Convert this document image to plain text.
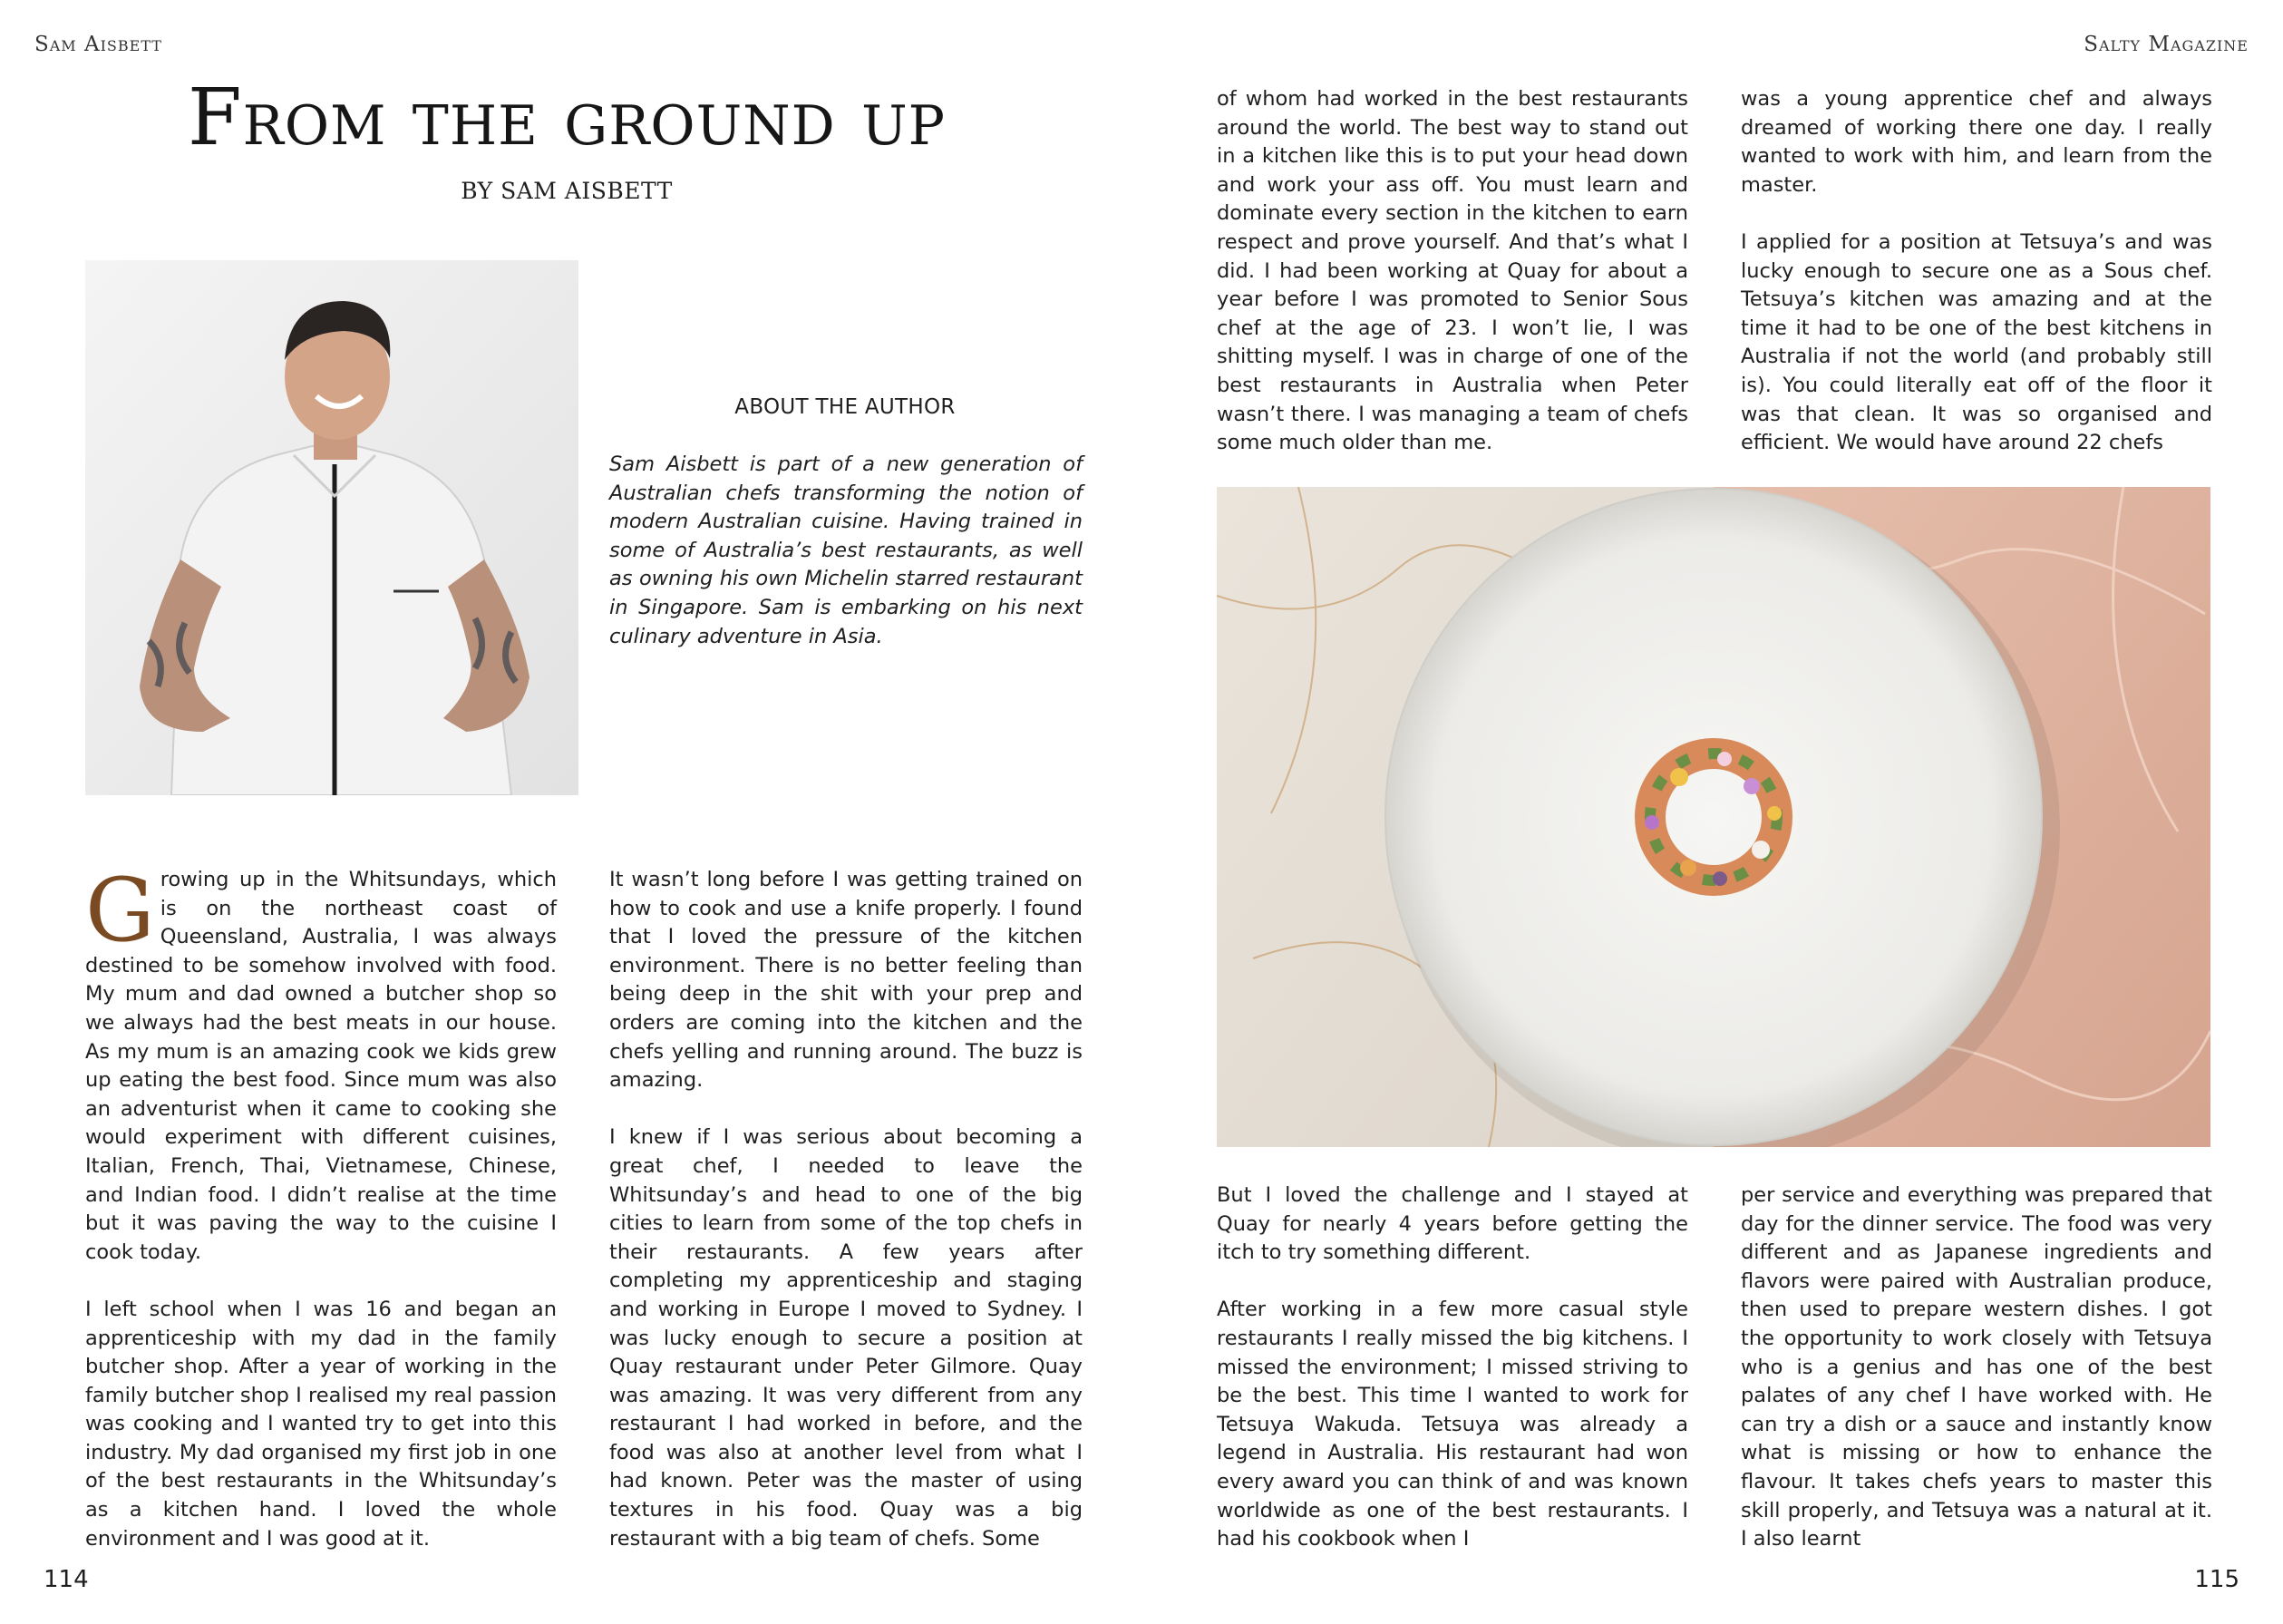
Sam Aisbett	Salty Magazine
From the ground up
BY SAM AISBETT
ABOUT THE AUTHOR
Sam Aisbett is part of a new generation of Australian chefs transforming the notion of modern Australian cuisine. Having trained in some of Australia’s best restaurants, as well as owning his own Michelin starred restaurant in Singapore. Sam is embarking on his next culinary adventure in Asia.

Growing up in the Whitsundays, which is on the northeast coast of Queensland, Australia, I was always destined to be somehow involved with food. My mum and dad owned a butcher shop so we always had the best meats in our house. As my mum is an amazing cook we kids grew up eating the best food. Since mum was also an adventurist when it came to cooking she would experiment with different cuisines, Italian, French, Thai, Vietnamese, Chinese, and Indian food. I didn’t realise at the time but it was paving the way to the cuisine I cook today.

I left school when I was 16 and began an apprenticeship with my dad in the family butcher shop. After a year of working in the family butcher shop I realised my real passion was cooking and I wanted try to get into this industry. My dad organised my first job in one of the best restaurants in the Whitsunday’s as a kitchen hand. I loved the whole environment and I was good at it.

It wasn’t long before I was getting trained on how to cook and use a knife properly. I found that I loved the pressure of the kitchen environment. There is no better feeling than being deep in the shit with your prep and orders are coming into the kitchen and the chefs yelling and running around. The buzz is amazing.

I knew if I was serious about becoming a great chef, I needed to leave the Whitsunday’s and head to one of the big cities to learn from some of the top chefs in their restaurants. A few years after completing my apprenticeship and staging and working in Europe I moved to Sydney. I was lucky enough to secure a position at Quay restaurant under Peter Gilmore. Quay was amazing. It was very different from any restaurant I had worked in before, and the food was also at another level from what I had known. Peter was the master of using textures in his food. Quay was a big restaurant with a big team of chefs. Some

of whom had worked in the best restaurants around the world. The best way to stand out in a kitchen like this is to put your head down and work your ass off. You must learn and dominate every section in the kitchen to earn respect and prove yourself. And that’s what I did. I had been working at Quay for about a year before I was promoted to Senior Sous chef at the age of 23. I won’t lie, I was shitting myself. I was in charge of one of the best restaurants in Australia when Peter wasn’t there. I was managing a team of chefs some much older than me.

was a young apprentice chef and always dreamed of working there one day. I really wanted to work with him, and learn from the master.

I applied for a position at Tetsuya’s and was lucky enough to secure one as a Sous chef. Tetsuya’s kitchen was amazing and at the time it had to be one of the best kitchens in Australia if not the world (and probably still is). You could literally eat off of the floor it was that clean. It was so organised and efficient. We would have around 22 chefs

But I loved the challenge and I stayed at Quay for nearly 4 years before getting the itch to try something different.

After working in a few more casual style restaurants I really missed the big kitchens. I missed the environment; I missed striving to be the best. This time I wanted to work for Tetsuya Wakuda. Tetsuya was already a legend in Australia. His restaurant had won every award you can think of and was known worldwide as one of the best restaurants. I had his cookbook when I

per service and everything was prepared that day for the dinner service. The food was very different and as Japanese ingredients and flavors were paired with Australian produce, then used to prepare western dishes. I got the opportunity to work closely with Tetsuya who is a genius and has one of the best palates of any chef I have worked with. He can try a dish or a sauce and instantly know what is missing or how to enhance the flavour. It takes chefs years to master this skill properly, and Tetsuya was a natural at it. I also learnt

114	115
